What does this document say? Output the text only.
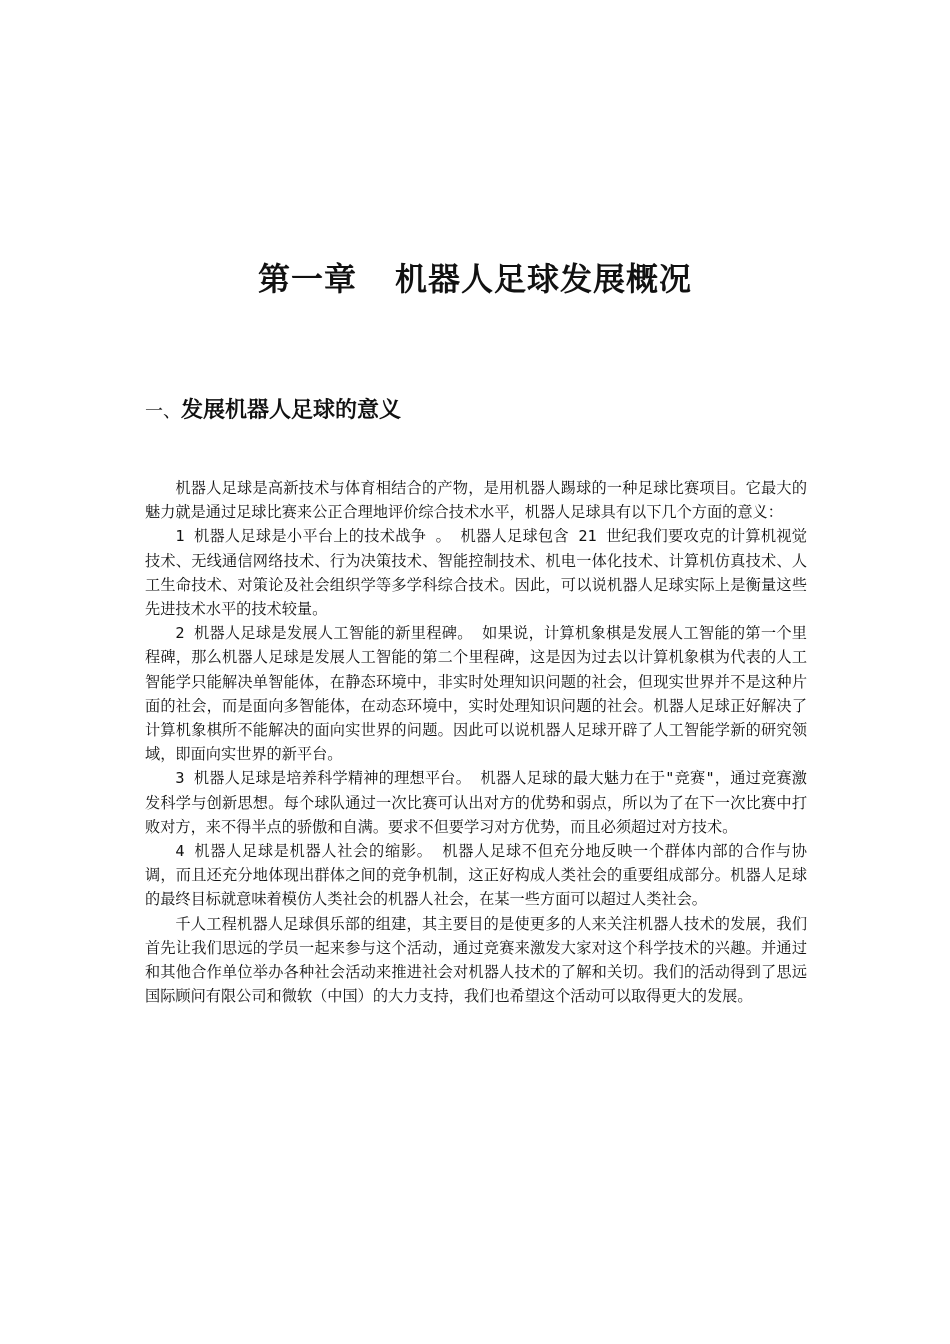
第一章 机器人足球发展概况
一、发展机器人足球的意义

机器人足球是高新技术与体育相结合的产物，是用机器人踢球的一种足球比赛项目。它最大的魅力就是通过足球比赛来公正合理地评价综合技术水平，机器人足球具有以下几个方面的意义：

1 机器人足球是小平台上的技术战争 。 机器人足球包含 21 世纪我们要攻克的计算机视觉技术、无线通信网络技术、行为决策技术、智能控制技术、机电一体化技术、计算机仿真技术、人工生命技术、对策论及社会组织学等多学科综合技术。因此，可以说机器人足球实际上是衡量这些先进技术水平的技术较量。

2 机器人足球是发展人工智能的新里程碑。 如果说，计算机象棋是发展人工智能的第一个里程碑，那么机器人足球是发展人工智能的第二个里程碑，这是因为过去以计算机象棋为代表的人工智能学只能解决单智能体，在静态环境中，非实时处理知识问题的社会，但现实世界并不是这种片面的社会，而是面向多智能体，在动态环境中，实时处理知识问题的社会。机器人足球正好解决了计算机象棋所不能解决的面向实世界的问题。因此可以说机器人足球开辟了人工智能学新的研究领域，即面向实世界的新平台。

3 机器人足球是培养科学精神的理想平台。 机器人足球的最大魅力在于"竞赛"，通过竞赛激发科学与创新思想。每个球队通过一次比赛可认出对方的优势和弱点，所以为了在下一次比赛中打败对方，来不得半点的骄傲和自满。要求不但要学习对方优势，而且必须超过对方技术。

4 机器人足球是机器人社会的缩影。 机器人足球不但充分地反映一个群体内部的合作与协调，而且还充分地体现出群体之间的竞争机制，这正好构成人类社会的重要组成部分。机器人足球的最终目标就意味着模仿人类社会的机器人社会，在某一些方面可以超过人类社会。

千人工程机器人足球俱乐部的组建，其主要目的是使更多的人来关注机器人技术的发展，我们首先让我们思远的学员一起来参与这个活动，通过竞赛来激发大家对这个科学技术的兴趣。并通过和其他合作单位举办各种社会活动来推进社会对机器人技术的了解和关切。我们的活动得到了思远国际顾问有限公司和微软（中国）的大力支持，我们也希望这个活动可以取得更大的发展。
